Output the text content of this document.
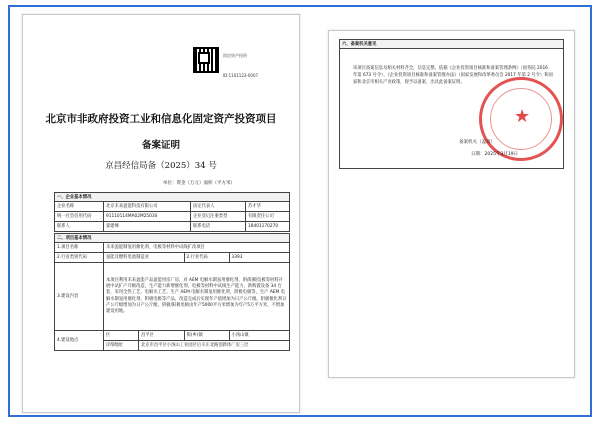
固定资产投资
ID:1101123-0007
北京市非政府投资工业和信息化固定资产投资项目
备案证明
京昌经信局备（2025）34 号
单位：资金（万元）面积（平方米）
一、企业基本情况			
企业名称	北京未来盈能科技有限公司	法定代表人	苏才华
统一社会信用代码	91110114MA02M2503S	企业登记注册类型	有限责任公司
联系人	翟建峰	联系电话	18401170270
二、项目基本情况				
1.项目名称	未来盈能制氢用催化剂、电极等材料中试线扩改项目			
2.行业类别代码	氢能及燃料电池制造业		2.行业代码	3393
3.建设内容	本项目利用未来盈能产品盈能用房厂房，对 AEM 电解水制氢用催化剂、阴/阳极电极等材料开展中试扩产升级改造，生产能力新增催化剂、电极等材料中试线生产能力，新购置设备 34 台套，采用全热工艺，电解水工艺。生产 AEM 电解水制氢用催化剂、阴极电极等，生产 AEM 电解水制氢用催化剂、阴极电极等产品，改造完成后实现年产值增加为日产公斤级。阴极催化剂日产公斤级增加为日产公斤级，阴极/阳极电极由年产5000平方米增加为年产5万平方米，不增加建设用地。			
4.建设地点	区	昌平区	街(乡)镇	小汤山镇
	详细地址	北京市昌平区小汤山工业园区后辛庄北路创新体厂房三层		
六、备案机关意见

该项目备案信息及相关材料齐全，信息完整。依据《企业投资项目核准和备案管理条例》（国务院 2016 年第 673 号令）、《企业投资项目核准和备案管理办法》（国家发展和改革委员会 2017 年第 2 号令）和国家和北京市相关产业政策，现予以备案，出具此备案证明。
★
备案机关（盖章）
日期：2025年3月19日
